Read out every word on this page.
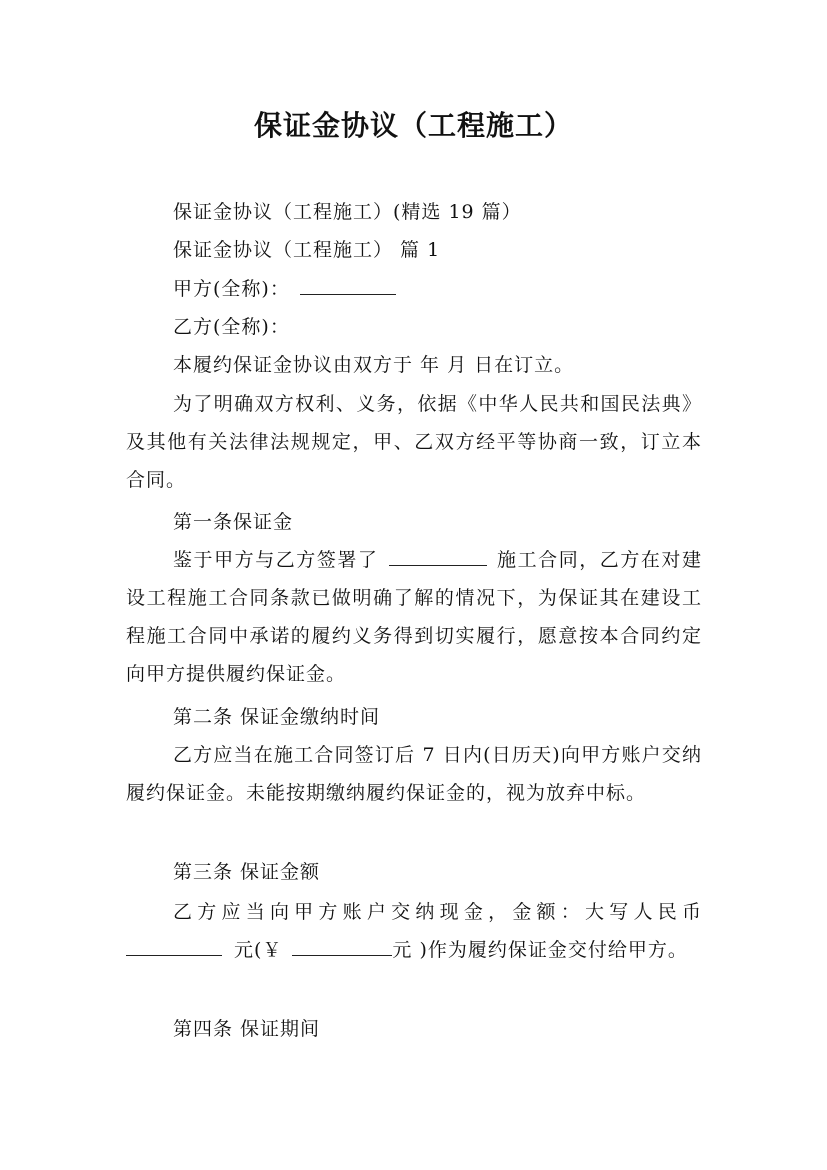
保证金协议（工程施工）
保证金协议（工程施工）(精选 19 篇）
保证金协议（工程施工） 篇 1
甲方(全称)：
乙方(全称)：
本履约保证金协议由双方于 年 月 日在订立。
为了明确双方权利、义务，依据《中华人民共和国民法典》及其他有关法律法规规定，甲、乙双方经平等协商一致，订立本合同。
第一条保证金
鉴于甲方与乙方签署了	施工合同，乙方在对建设工程施工合同条款已做明确了解的情况下，为保证其在建设工程施工合同中承诺的履约义务得到切实履行，愿意按本合同约定向甲方提供履约保证金。
第二条 保证金缴纳时间
乙方应当在施工合同签订后 7 日内(日历天)向甲方账户交纳履约保证金。未能按期缴纳履约保证金的，视为放弃中标。
第三条 保证金额
乙方应当向甲方账户交纳现金，金额：大写人民币元(￥	元 )作为履约保证金交付给甲方。
第四条 保证期间
